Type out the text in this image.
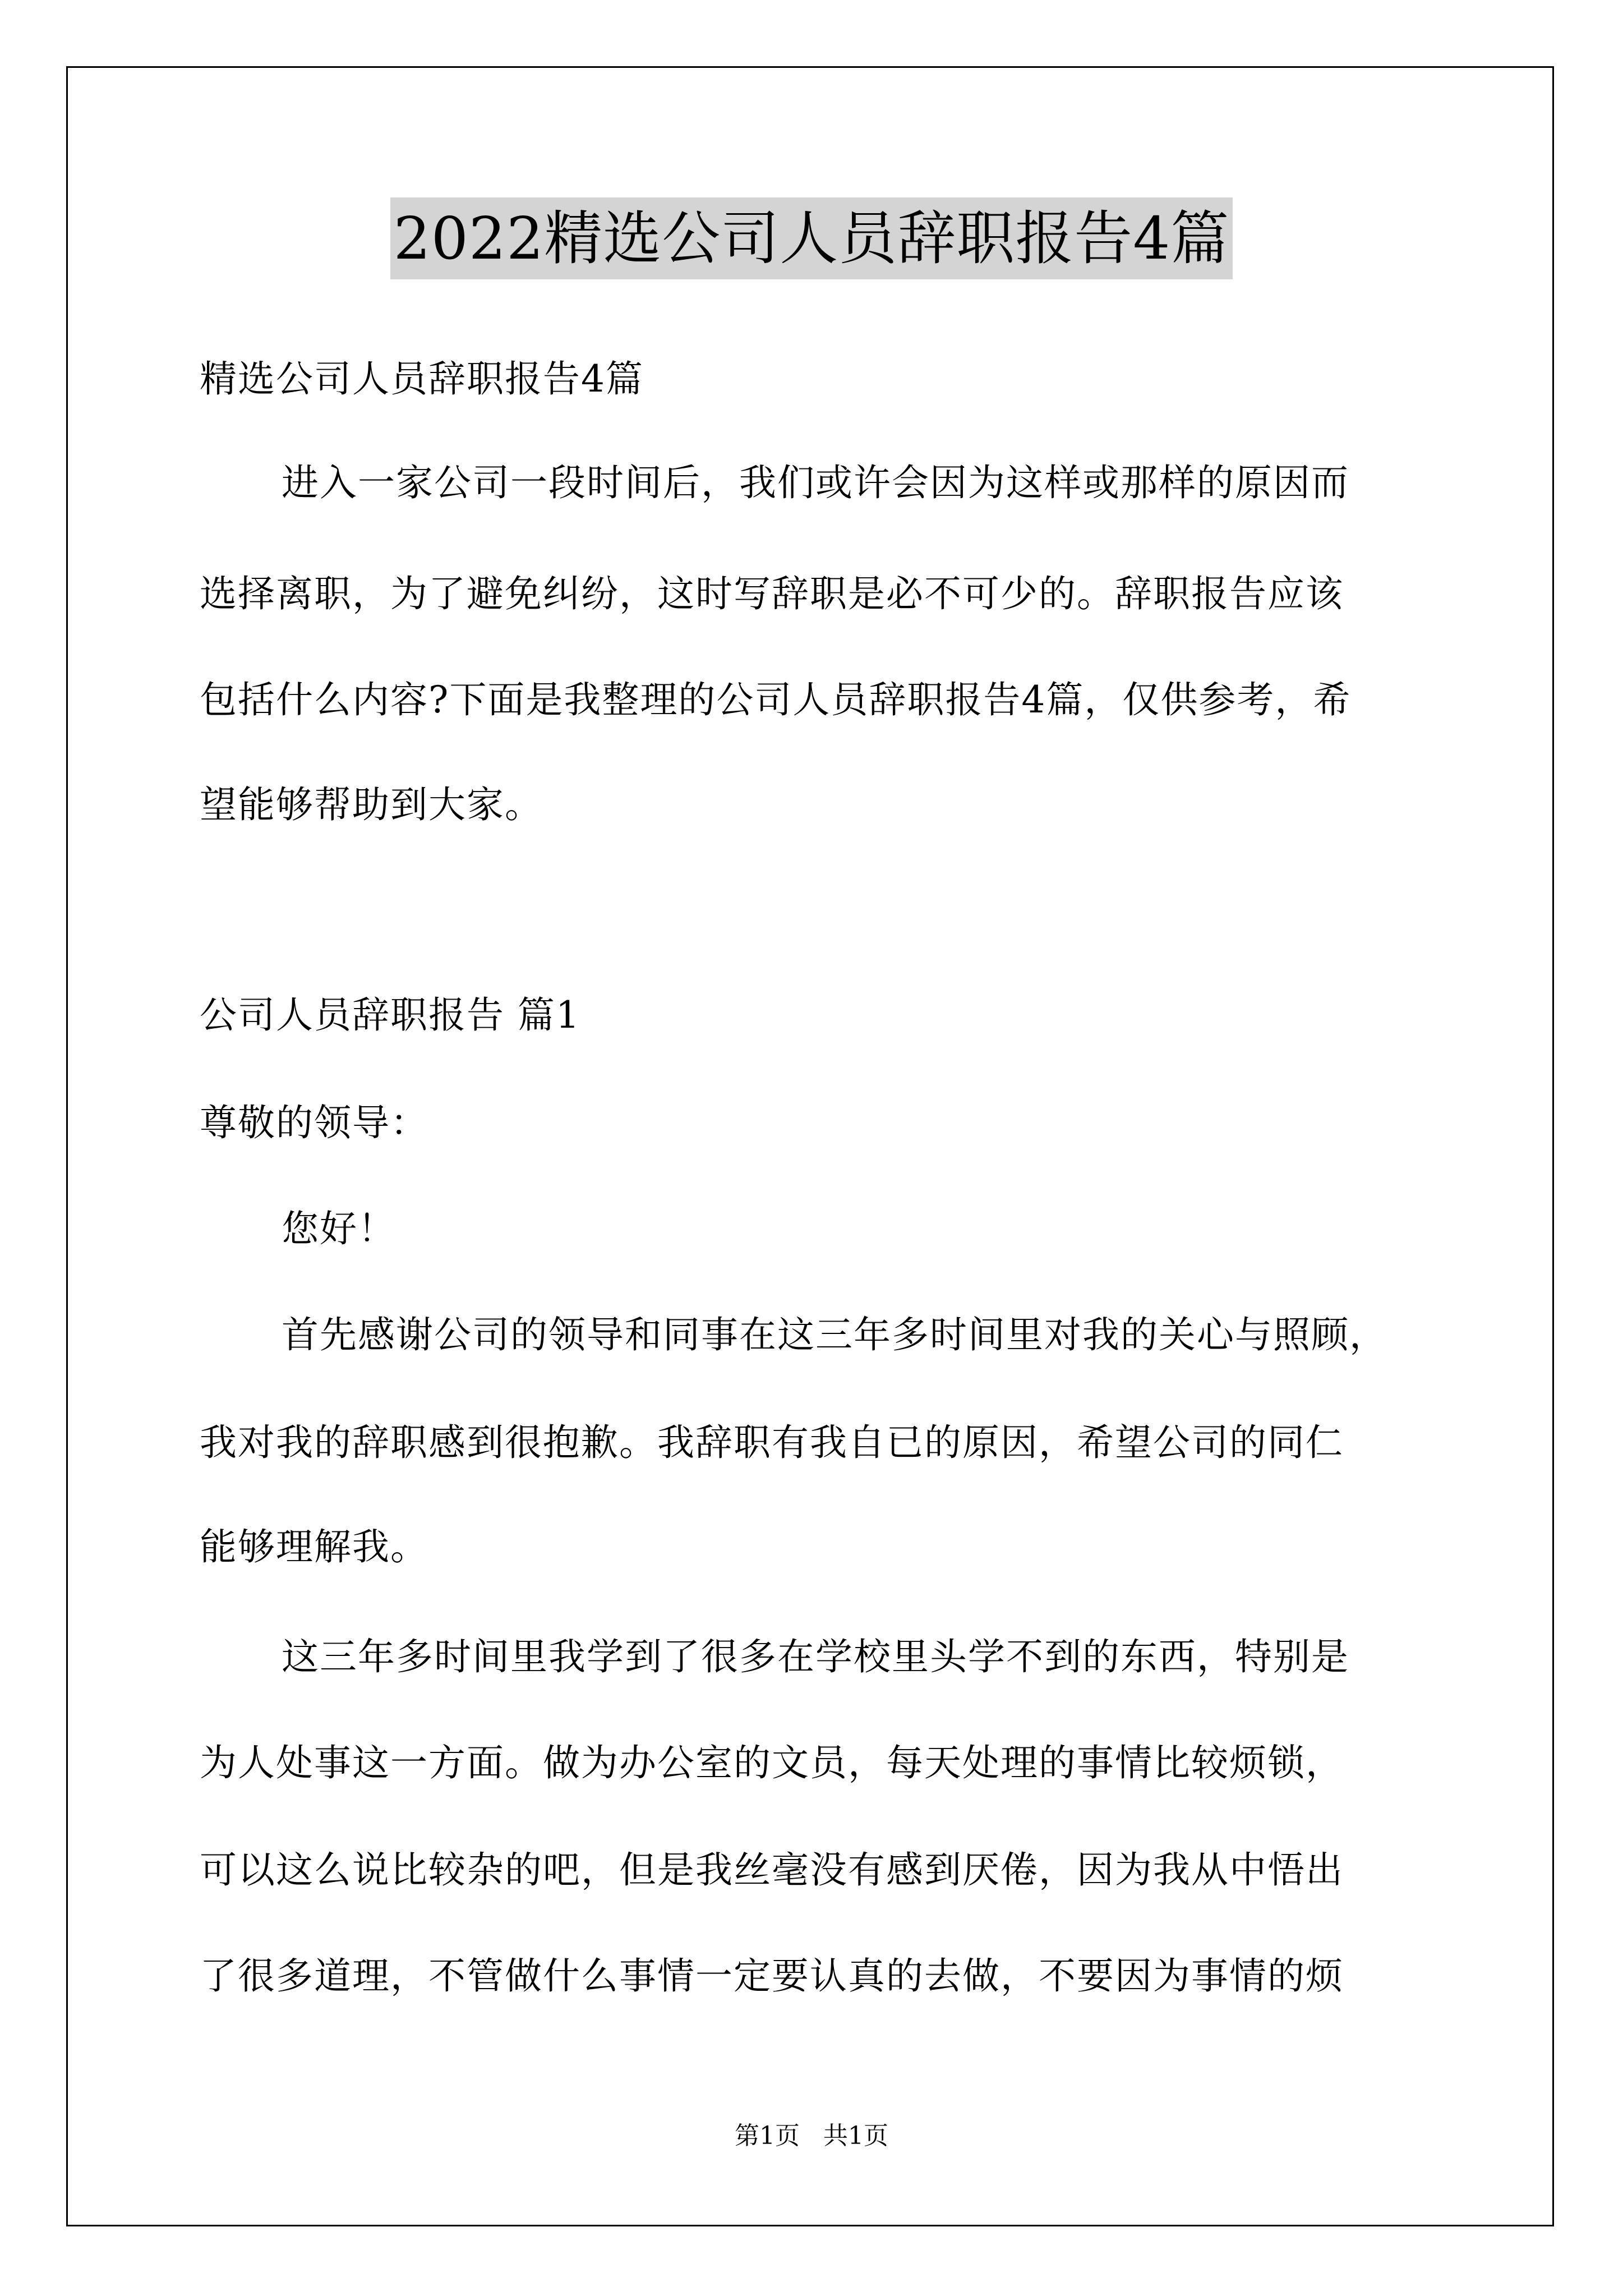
2022精选公司人员辞职报告4篇

精选公司人员辞职报告4篇

进入一家公司一段时间后，我们或许会因为这样或那样的原因而

选择离职，为了避免纠纷，这时写辞职是必不可少的。辞职报告应该

包括什么内容?下面是我整理的公司人员辞职报告4篇，仅供参考，希

望能够帮助到大家。

公司人员辞职报告 篇1

尊敬的领导：

您好！

首先感谢公司的领导和同事在这三年多时间里对我的关心与照顾，

我对我的辞职感到很抱歉。我辞职有我自已的原因，希望公司的同仁

能够理解我。

这三年多时间里我学到了很多在学校里头学不到的东西，特别是

为人处事这一方面。做为办公室的文员，每天处理的事情比较烦锁，

可以这么说比较杂的吧，但是我丝毫没有感到厌倦，因为我从中悟出

了很多道理，不管做什么事情一定要认真的去做，不要因为事情的烦

第1页   共1页
